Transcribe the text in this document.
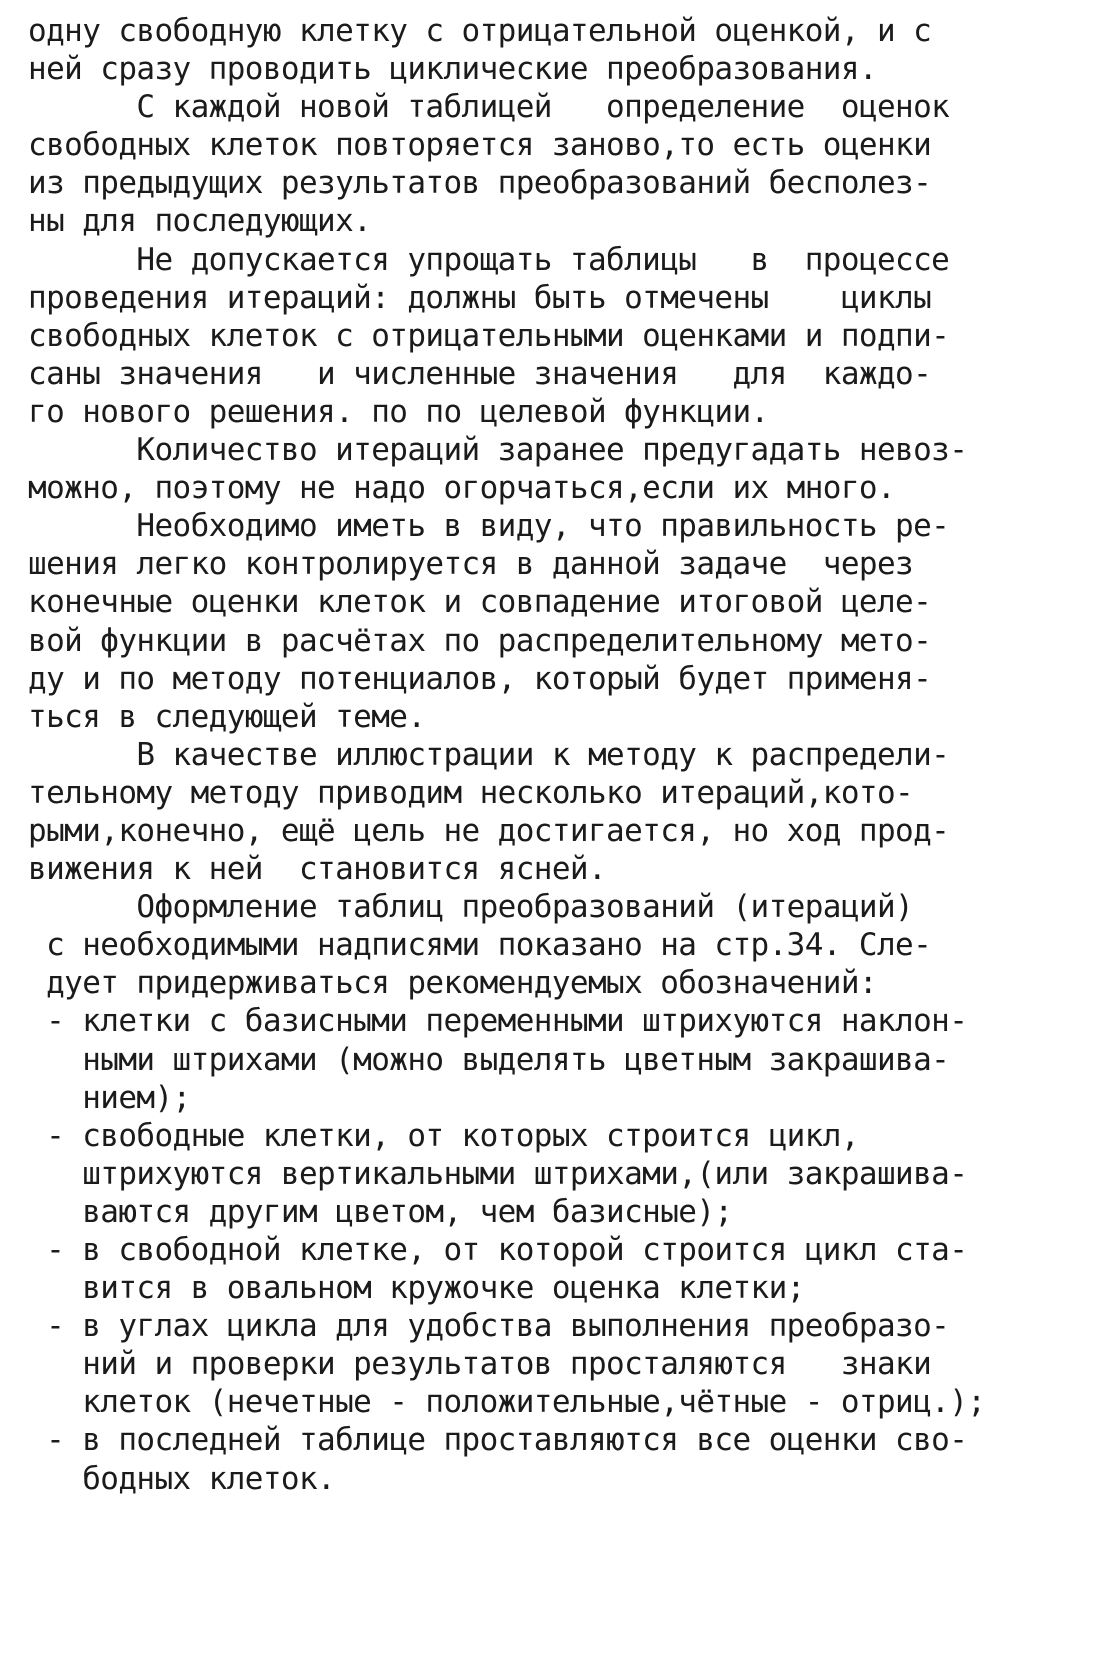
одну свободную клетку с отрицательной оценкой, и с
ней сразу проводить циклические преобразования.
С каждой новой таблицей   определение  оценок
свободных клеток повторяется заново,то есть оценки
из предыдущих результатов преобразований бесполез-
ны для последующих.
Не допускается упрощать таблицы   в  процессе
проведения итераций: должны быть отмечены    циклы
свободных клеток с отрицательными оценками и подпи-
саны значения   и численные значения   для  каждо-
го нового решения. по по целевой функции.
Количество итераций заранее предугадать невоз-
можно, поэтому не надо огорчаться,если их много.
Необходимо иметь в виду, что правильность ре-
шения легко контролируется в данной задаче  через
конечные оценки клеток и совпадение итоговой целе-
вой функции в расчётах по распределительному мето-
ду и по методу потенциалов, который будет применя-
ться в следующей теме.
В качестве иллюстрации к методу к распредели-
тельному методу приводим несколько итераций,кото-
рыми,конечно, ещё цель не достигается, но ход прод-
вижения к ней  становится ясней.
Оформление таблиц преобразований (итераций)
с необходимыми надписями показано на стр.34. Сле-
дует придерживаться рекомендуемых обозначений:
- клетки с базисными переменными штрихуются наклон-
ными штрихами (можно выделять цветным закрашива-
нием);
- свободные клетки, от которых строится цикл,
штрихуются вертикальными штрихами,(или закрашива-
ваются другим цветом, чем базисные);
- в свободной клетке, от которой строится цикл ста-
вится в овальном кружочке оценка клетки;
- в углах цикла для удобства выполнения преобразо-
ний и проверки результатов просталяются   знаки
клеток (нечетные - положительные,чётные - отриц.);
- в последней таблице проставляются все оценки сво-
бодных клеток.
